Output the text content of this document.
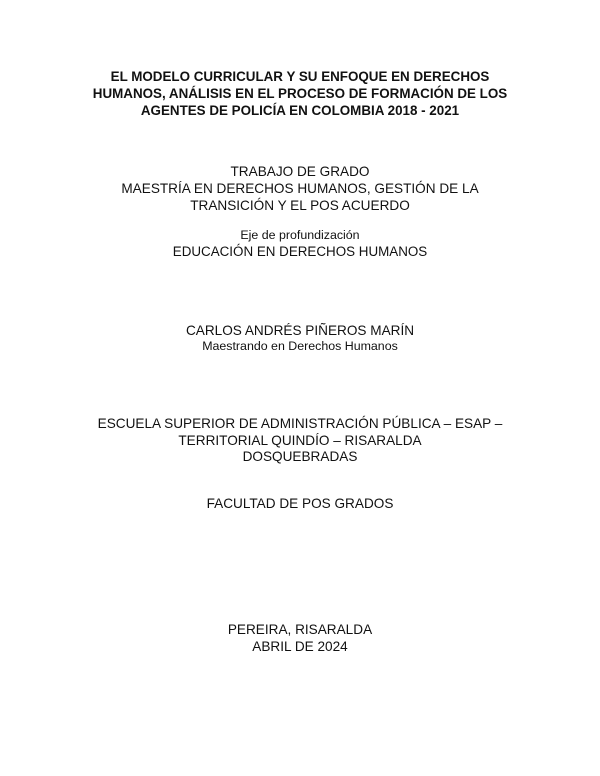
EL MODELO CURRICULAR Y SU ENFOQUE EN DERECHOS
HUMANOS, ANÁLISIS EN EL PROCESO DE FORMACIÓN DE LOS
AGENTES DE POLICÍA EN COLOMBIA 2018 - 2021
TRABAJO DE GRADO
MAESTRÍA EN DERECHOS HUMANOS, GESTIÓN DE LA
TRANSICIÓN Y EL POS ACUERDO
Eje de profundización
EDUCACIÓN EN DERECHOS HUMANOS
CARLOS ANDRÉS PIÑEROS MARÍN
Maestrando en Derechos Humanos
ESCUELA SUPERIOR DE ADMINISTRACIÓN PÚBLICA – ESAP –
TERRITORIAL QUINDÍO – RISARALDA
DOSQUEBRADAS
FACULTAD DE POS GRADOS
PEREIRA, RISARALDA
ABRIL DE 2024
